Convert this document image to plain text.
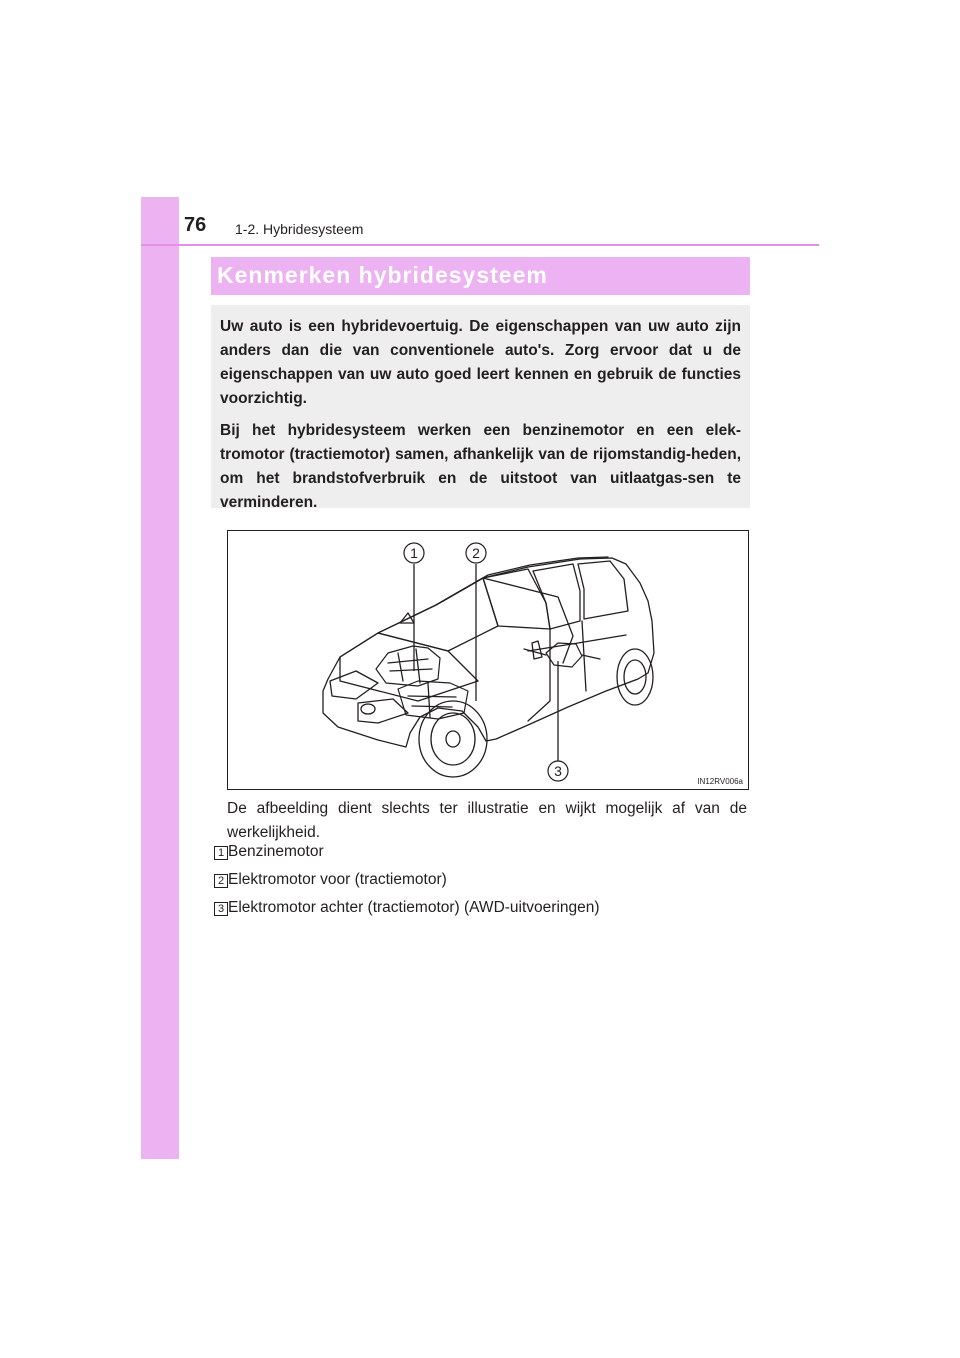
76 1-2. Hybridesysteem
Kenmerken hybridesysteem

Uw auto is een hybridevoertuig. De eigenschappen van uw auto zijn anders dan die van conventionele auto's. Zorg ervoor dat u de eigenschappen van uw auto goed leert kennen en gebruik de functies voorzichtig.

Bij het hybridesysteem werken een benzinemotor en een elek-tromotor (tractiemotor) samen, afhankelijk van de rijomstandig-heden, om het brandstofverbruik en de uitstoot van uitlaatgas-sen te verminderen.

1	2
3
IN12RV006a

De afbeelding dient slechts ter illustratie en wijkt mogelijk af van de werkelijkheid.

1 Benzinemotor
2 Elektromotor voor (tractiemotor)
3 Elektromotor achter (tractiemotor) (AWD-uitvoeringen)
